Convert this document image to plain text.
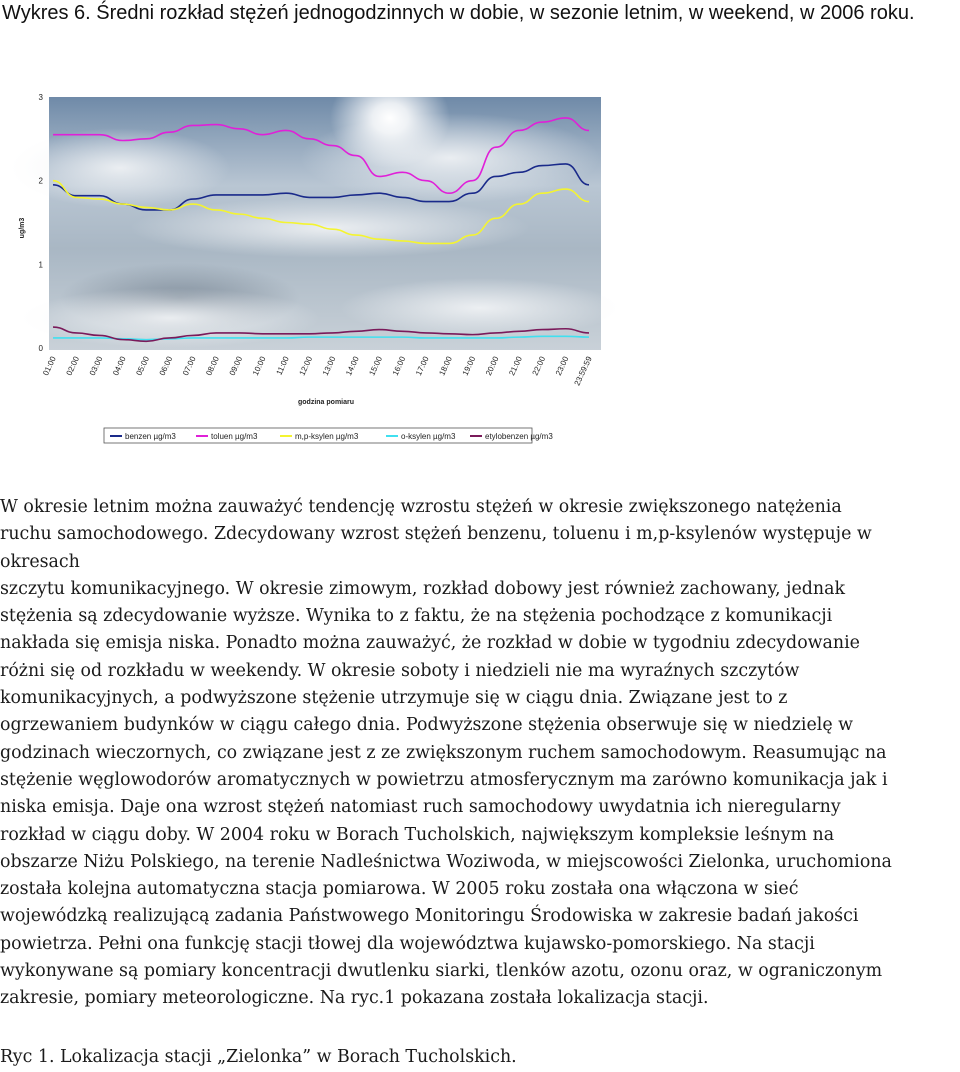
Wykres 6. Średni rozkład stężeń jednogodzinnych w dobie, w sezonie letnim, w weekend, w 2006 roku.
0
1
2
3
01:00 02:00 03:00 04:00 05:00 06:00 07:00 08:00 09:00 10:00 11:00 12:00 13:00 14:00 15:00 16:00 17:00 18:00 19:00 20:00 21:00 22:00 23:00 23:59:59
ug/m3
godzina pomiaru
benzen µg/m3	toluen µg/m3	m,p-ksylen µg/m3	o-ksylen µg/m3	etylobenzen µg/m3

W okresie letnim można zauważyć tendencję wzrostu stężeń w okresie zwiększonego natężenia

ruchu samochodowego. Zdecydowany wzrost stężeń benzenu, toluenu i m,p-ksylenów występuje w

okresach

szczytu komunikacyjnego. W okresie zimowym, rozkład dobowy jest również zachowany, jednak

stężenia są zdecydowanie wyższe. Wynika to z faktu, że na stężenia pochodzące z komunikacji

nakłada się emisja niska. Ponadto można zauważyć, że rozkład w dobie w tygodniu zdecydowanie

różni się od rozkładu w weekendy. W okresie soboty i niedzieli nie ma wyraźnych szczytów

komunikacyjnych, a podwyższone stężenie utrzymuje się w ciągu dnia. Związane jest to z

ogrzewaniem budynków w ciągu całego dnia. Podwyższone stężenia obserwuje się w niedzielę w

godzinach wieczornych, co związane jest z ze zwiększonym ruchem samochodowym. Reasumując na

stężenie węglowodorów aromatycznych w powietrzu atmosferycznym ma zarówno komunikacja jak i

niska emisja. Daje ona wzrost stężeń natomiast ruch samochodowy uwydatnia ich nieregularny

rozkład w ciągu doby. W 2004 roku w Borach Tucholskich, największym kompleksie leśnym na

obszarze Niżu Polskiego, na terenie Nadleśnictwa Woziwoda, w miejscowości Zielonka, uruchomiona

została kolejna automatyczna stacja pomiarowa. W 2005 roku została ona włączona w sieć

wojewódzką realizującą zadania Państwowego Monitoringu Środowiska w zakresie badań jakości

powietrza. Pełni ona funkcję stacji tłowej dla województwa kujawsko-pomorskiego. Na stacji

wykonywane są pomiary koncentracji dwutlenku siarki, tlenków azotu, ozonu oraz, w ograniczonym

zakresie, pomiary meteorologiczne. Na ryc.1 pokazana została lokalizacja stacji.

Ryc 1. Lokalizacja stacji „Zielonka” w Borach Tucholskich.
